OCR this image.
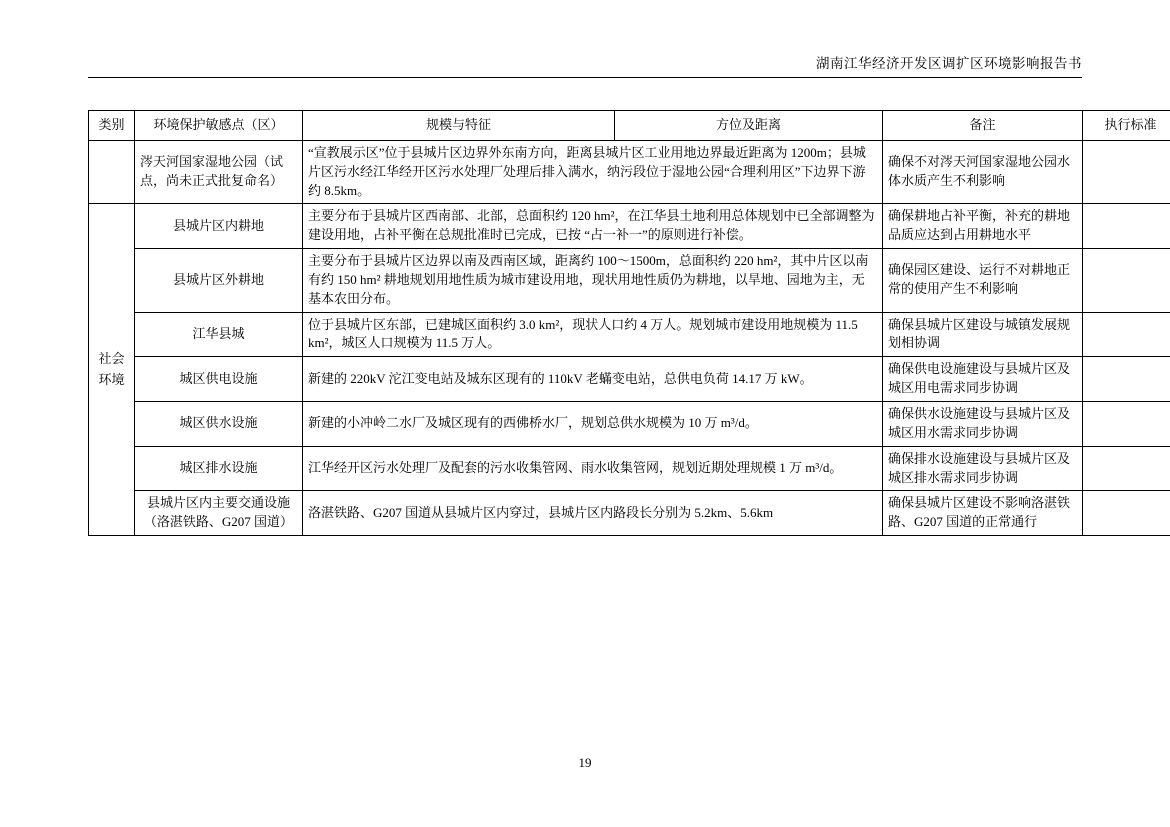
湖南江华经济开发区调扩区环境影响报告书
类别	环境保护敏感点（区）	规模与特征	方位及距离	备注	执行标准
	涔天河国家湿地公园（试点，尚未正式批复命名）	“宣教展示区”位于县城片区边界外东南方向，距离县城片区工业用地边界最近距离为 1200m；县城片区污水经江华经开区污水处理厂处理后排入满水，纳污段位于湿地公园“合理利用区”下边界下游约 8.5km。		确保不对涔天河国家湿地公园水体水质产生不利影响	
社会环境	县城片区内耕地	主要分布于县城片区西南部、北部，总面积约 120 hm²，在江华县土地利用总体规划中已全部调整为建设用地，占补平衡在总规批准时已完成，已按 “占一补一”的原则进行补偿。		确保耕地占补平衡，补充的耕地品质应达到占用耕地水平	
	县城片区外耕地	主要分布于县城片区边界以南及西南区域，距离约 100～1500m，总面积约 220 hm²，其中片区以南有约 150 hm² 耕地规划用地性质为城市建设用地，现状用地性质仍为耕地，以旱地、园地为主，无基本农田分布。		确保园区建设、运行不对耕地正常的使用产生不利影响	
	江华县城	位于县城片区东部，已建城区面积约 3.0 km²，现状人口约 4 万人。规划城市建设用地规模为 11.5 km²，城区人口规模为 11.5 万人。		确保县城片区建设与城镇发展规划相协调	
	城区供电设施	新建的 220kV 沱江变电站及城东区现有的 110kV 老蟎变电站，总供电负荷 14.17 万 kW。		确保供电设施建设与县城片区及城区用电需求同步协调	
	城区供水设施	新建的小冲岭二水厂及城区现有的西佛桥水厂，规划总供水规模为 10 万 m³/d。		确保供水设施建设与县城片区及城区用水需求同步协调	
	城区排水设施	江华经开区污水处理厂及配套的污水收集管网、雨水收集管网，规划近期处理规模 1 万 m³/d。		确保排水设施建设与县城片区及城区排水需求同步协调	
	县城片区内主要交通设施（洛湛铁路、G207 国道）	洛湛铁路、G207 国道从县城片区内穿过，县城片区内路段长分别为 5.2km、5.6km		确保县城片区建设不影响洛湛铁路、G207 国道的正常通行	
19
